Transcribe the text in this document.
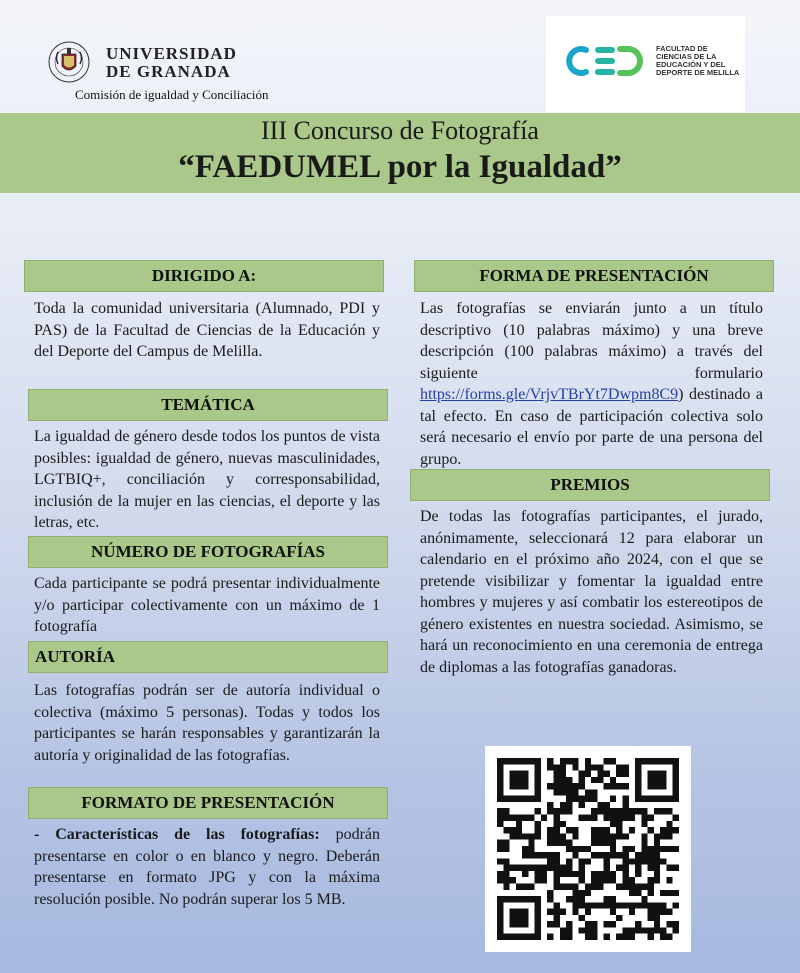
UNIVERSIDAD
DE GRANADA
Comisión de igualdad y Conciliación
FACULTAD DE CIENCIAS DE LA EDUCACIÓN Y DEL DEPORTE DE MELILLA
III Concurso de Fotografía
“FAEDUMEL por la Igualdad”
DIRIGIDO A:
Toda la comunidad universitaria (Alumnado, PDI y PAS) de la Facultad de Ciencias de la Educación y del Deporte del Campus de Melilla.
TEMÁTICA
La igualdad de género desde todos los puntos de vista posibles: igualdad de género, nuevas masculinidades, LGTBIQ+, conciliación y corresponsabilidad, inclusión de la mujer en las ciencias, el deporte y las letras, etc.
NÚMERO DE FOTOGRAFÍAS
Cada participante se podrá presentar individualmente y/o participar colectivamente con un máximo de 1 fotografía
AUTORÍA
Las fotografías podrán ser de autoría individual o colectiva (máximo 5 personas). Todas y todos los participantes se harán responsables y garantizarán la autoría y originalidad de las fotografías.
FORMATO DE PRESENTACIÓN
- Características de las fotografías: podrán presentarse en color o en blanco y negro. Deberán presentarse en formato JPG y con la máxima resolución posible. No podrán superar los 5 MB.
FORMA DE PRESENTACIÓN
Las fotografías se enviarán junto a un título descriptivo (10 palabras máximo) y una breve descripción (100 palabras máximo) a través del siguiente formulario https://forms.gle/VrjvTBrYt7Dwpm8C9) destinado a tal efecto. En caso de participación colectiva solo será necesario el envío por parte de una persona del grupo.
PREMIOS
De todas las fotografías participantes, el jurado, anónimamente, seleccionará 12 para elaborar un calendario en el próximo año 2024, con el que se pretende visibilizar y fomentar la igualdad entre hombres y mujeres y así combatir los estereotipos de género existentes en nuestra sociedad. Asimismo, se hará un reconocimiento en una ceremonia de entrega de diplomas a las fotografías ganadoras.
